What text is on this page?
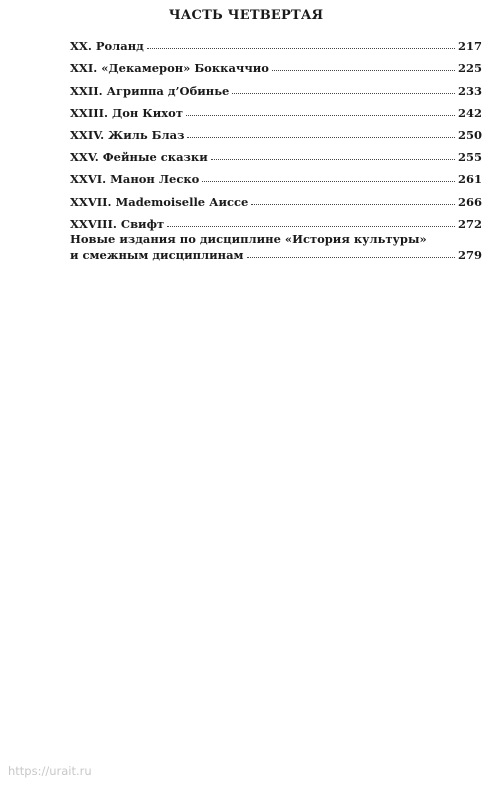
ЧАСТЬ ЧЕТВЕРТАЯ
XX. Роланд	217
XXI. «Декамерон» Боккаччио	225
XXII. Агриппа д’Обинье	233
XXIII. Дон Кихот	242
XXIV. Жиль Блаз	250
XXV. Фейные сказки	255
XXVI. Манон Леско	261
XXVII. Mademoiselle Аиссе	266
XXVIII. Свифт	272
Новые издания по дисциплине «История культуры»
и смежным дисциплинам	279
https://urait.ru
